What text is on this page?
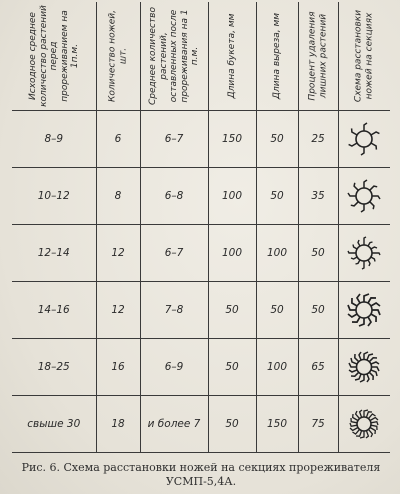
Исходное среднее количество растений перед прореживанием на 1п.м.	Количество ножей, шт.	Среднее количество растений, оставленных после прореживания на 1 п.м.	Длина букета, мм	Длина вырезa, мм	Процент удаления лишних растений	Схема расстановки ножей на секциях

8–9	6	6–7	150	50	25	

10–12	8	6–8	100	50	35	

12–14	12	6–7	100	100	50	

14–16	12	7–8	50	50	50	

18–25	16	6–9	50	100	65	

свыше 30	18	и более 7	50	150	75	
Рис. 6. Схема расстановки ножей на секциях прореживателя
УСМП-5,4А.
